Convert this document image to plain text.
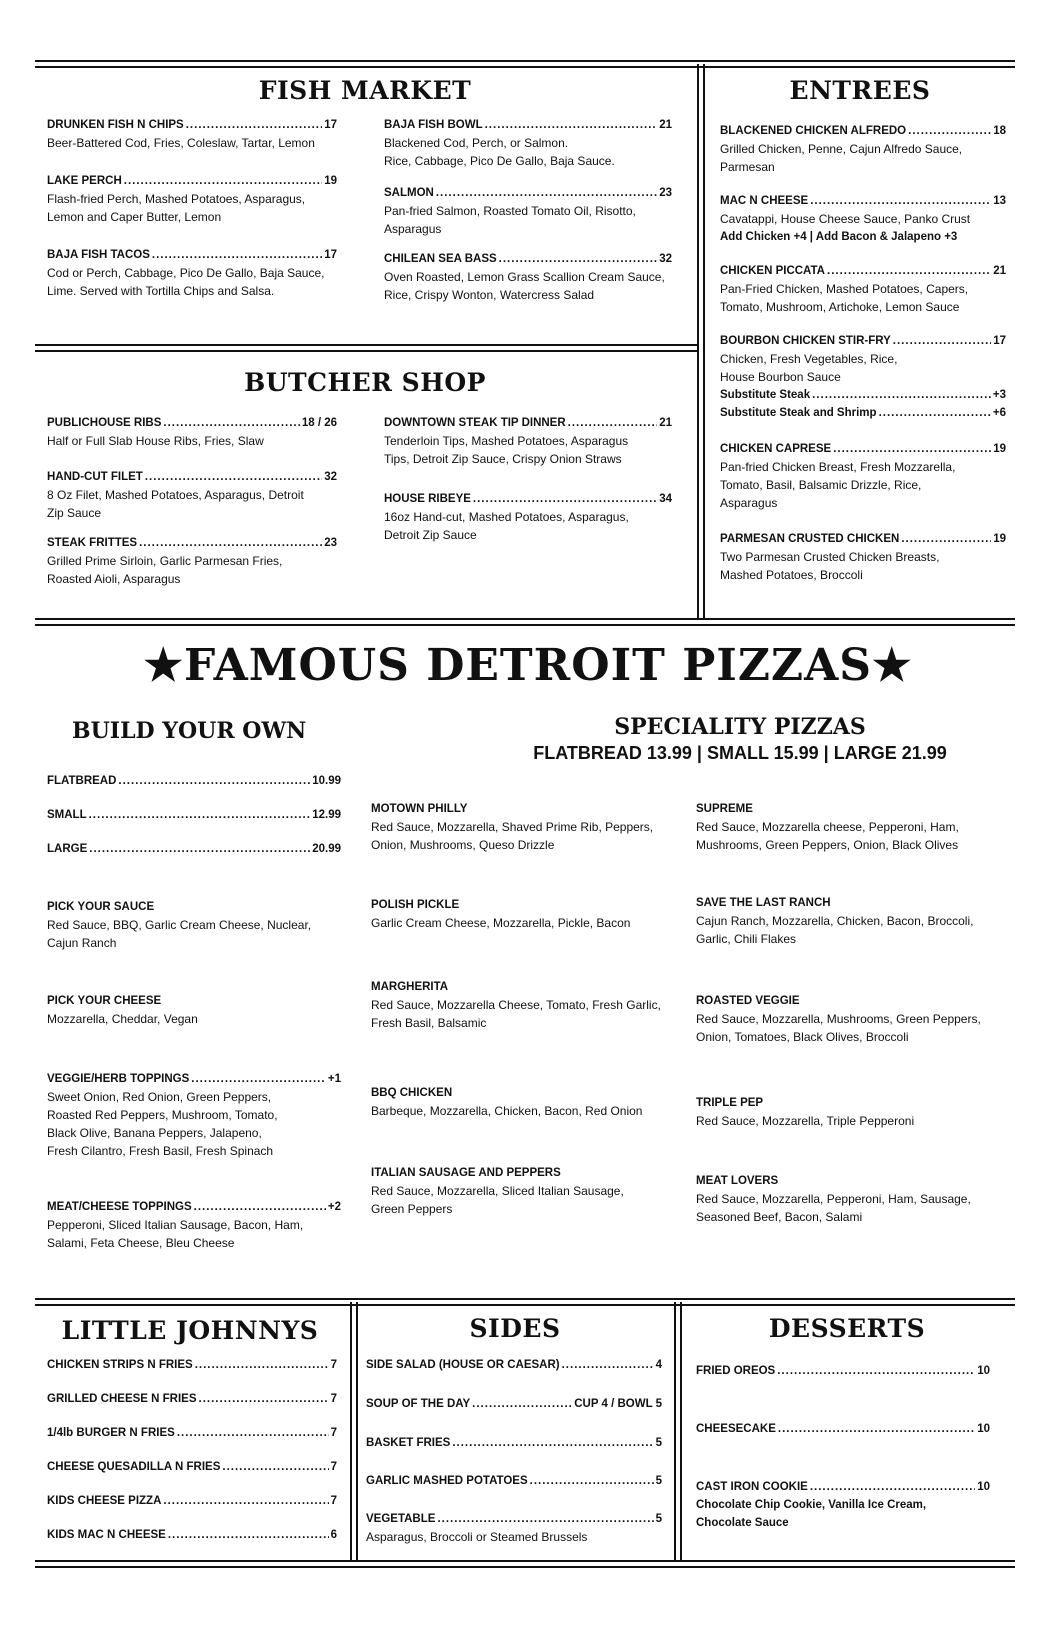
FISH MARKET
DRUNKEN FISH N CHIPS .....	17
Beer-Battered Cod, Fries, Coleslaw, Tartar, Lemon
LAKE PERCH .....	19
Flash-fried Perch, Mashed Potatoes, Asparagus,
Lemon and Caper Butter, Lemon
BAJA FISH TACOS .....	17
Cod or Perch, Cabbage, Pico De Gallo, Baja Sauce,
Lime. Served with Tortilla Chips and Salsa.
BAJA FISH BOWL .....	21
Blackened Cod, Perch, or Salmon.
Rice, Cabbage, Pico De Gallo, Baja Sauce.
SALMON .....	23
Pan-fried Salmon, Roasted Tomato Oil, Risotto,
Asparagus
CHILEAN SEA BASS .....	32
Oven Roasted, Lemon Grass Scallion Cream Sauce,
Rice, Crispy Wonton, Watercress Salad
BUTCHER SHOP
PUBLICHOUSE RIBS .....	18 / 26
Half or Full Slab House Ribs, Fries, Slaw
HAND-CUT FILET .....	32
8 Oz Filet, Mashed Potatoes, Asparagus, Detroit
Zip Sauce
STEAK FRITTES .....	23
Grilled Prime Sirloin, Garlic Parmesan Fries,
Roasted Aioli, Asparagus
DOWNTOWN STEAK TIP DINNER .....	21
Tenderloin Tips, Mashed Potatoes, Asparagus
Tips, Detroit Zip Sauce, Crispy Onion Straws
HOUSE RIBEYE .....	34
16oz Hand-cut, Mashed Potatoes, Asparagus,
Detroit Zip Sauce
ENTREES
BLACKENED CHICKEN ALFREDO .....	18
Grilled Chicken, Penne, Cajun Alfredo Sauce,
Parmesan
MAC N CHEESE .....	13
Cavatappi, House Cheese Sauce, Panko Crust
Add Chicken +4 | Add Bacon & Jalapeno +3
CHICKEN PICCATA .....	21
Pan-Fried Chicken, Mashed Potatoes, Capers,
Tomato, Mushroom, Artichoke, Lemon Sauce
BOURBON CHICKEN STIR-FRY .....	17
Chicken, Fresh Vegetables, Rice,
House Bourbon Sauce
Substitute Steak .....	+3
Substitute Steak and Shrimp .....	+6
CHICKEN CAPRESE .....	19
Pan-fried Chicken Breast, Fresh Mozzarella,
Tomato, Basil, Balsamic Drizzle, Rice,
Asparagus
PARMESAN CRUSTED CHICKEN .....	19
Two Parmesan Crusted Chicken Breasts,
Mashed Potatoes, Broccoli
★FAMOUS DETROIT PIZZAS★
BUILD YOUR OWN	SPECIALITY PIZZAS
FLATBREAD 13.99 | SMALL 15.99 | LARGE 21.99
FLATBREAD .....	10.99
SMALL .....	12.99
LARGE .....	20.99
PICK YOUR SAUCE
Red Sauce, BBQ, Garlic Cream Cheese, Nuclear,
Cajun Ranch
PICK YOUR CHEESE
Mozzarella, Cheddar, Vegan
VEGGIE/HERB TOPPINGS .....	+1
Sweet Onion, Red Onion, Green Peppers,
Roasted Red Peppers, Mushroom, Tomato,
Black Olive, Banana Peppers, Jalapeno,
Fresh Cilantro, Fresh Basil, Fresh Spinach
MEAT/CHEESE TOPPINGS .....	+2
Pepperoni, Sliced Italian Sausage, Bacon, Ham,
Salami, Feta Cheese, Bleu Cheese
MOTOWN PHILLY
Red Sauce, Mozzarella, Shaved Prime Rib, Peppers,
Onion, Mushrooms, Queso Drizzle
POLISH PICKLE
Garlic Cream Cheese, Mozzarella, Pickle, Bacon
MARGHERITA
Red Sauce, Mozzarella Cheese, Tomato, Fresh Garlic,
Fresh Basil, Balsamic
BBQ CHICKEN
Barbeque, Mozzarella, Chicken, Bacon, Red Onion
ITALIAN SAUSAGE AND PEPPERS
Red Sauce, Mozzarella, Sliced Italian Sausage,
Green Peppers
SUPREME
Red Sauce, Mozzarella cheese, Pepperoni, Ham,
Mushrooms, Green Peppers, Onion, Black Olives
SAVE THE LAST RANCH
Cajun Ranch, Mozzarella, Chicken, Bacon, Broccoli,
Garlic, Chili Flakes
ROASTED VEGGIE
Red Sauce, Mozzarella, Mushrooms, Green Peppers,
Onion, Tomatoes, Black Olives, Broccoli
TRIPLE PEP
Red Sauce, Mozzarella, Triple Pepperoni
MEAT LOVERS
Red Sauce, Mozzarella, Pepperoni, Ham, Sausage,
Seasoned Beef, Bacon, Salami
LITTLE JOHNNYS	SIDES	DESSERTS
CHICKEN STRIPS N FRIES .....	7
GRILLED CHEESE N FRIES .....	7
1/4lb BURGER N FRIES .....	7
CHEESE QUESADILLA N FRIES .....	7
KIDS CHEESE PIZZA .....	7
KIDS MAC N CHEESE .....	6
SIDE SALAD (HOUSE OR CAESAR) .....	4
SOUP OF THE DAY .....	CUP 4 / BOWL 5
BASKET FRIES .....	5
GARLIC MASHED POTATOES .....	5
VEGETABLE .....	5
Asparagus, Broccoli or Steamed Brussels
FRIED OREOS .....	10
CHEESECAKE .....	10
CAST IRON COOKIE .....	10
Chocolate Chip Cookie, Vanilla Ice Cream,
Chocolate Sauce
